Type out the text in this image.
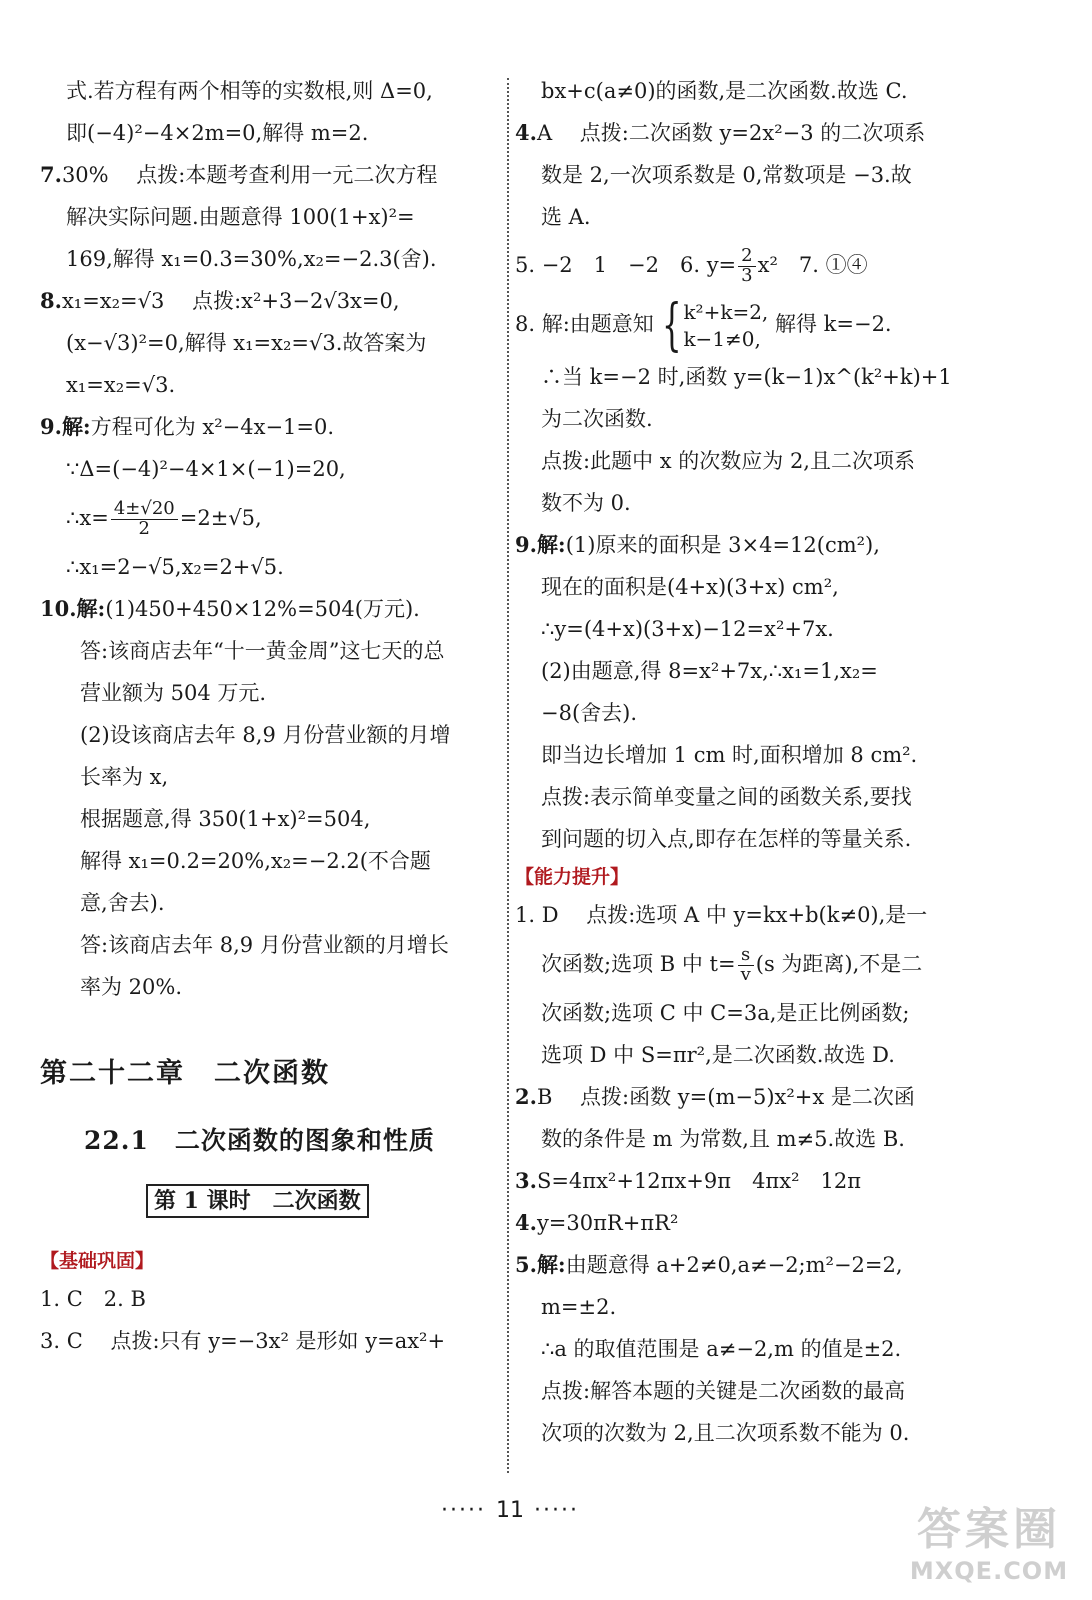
式.若方程有两个相等的实数根,则 Δ=0,
即(−4)²−4×2m=0,解得 m=2.
7.30%　 点拨:本题考查利用一元二次方程
解决实际问题.由题意得 100(1+x)²=
169,解得 x₁=0.3=30%,x₂=−2.3(舍).
8.x₁=x₂=√3　 点拨:x²+3−2√3x=0,
(x−√3)²=0,解得 x₁=x₂=√3.故答案为
x₁=x₂=√3.
9.解:方程可化为 x²−4x−1=0.
∵Δ=(−4)²−4×1×(−1)=20,
∴x= $\frac{4\pm√20}{2} =2\pm√5$,
∴x₁=2−√5,x₂=2+√5.
10.解:(1)450+450×12%=504(万元).
答:该商店去年“十一黄金周”这七天的总
营业额为 504 万元.
(2)设该商店去年 8,9 月份营业额的月增
长率为 x,
根据题意,得 350(1+x)²=504,
解得 x₁=0.2=20%,x₂=−2.2(不合题
意,舍去).
答:该商店去年 8,9 月份营业额的月增长
率为 20%.
第二十二章　二次函数
22.1　二次函数的图象和性质
第 1 课时　二次函数
【基础巩固】
1. C　2. B
3. C　 点拨:只有 y=−3x² 是形如 y=ax²+
bx+c(a≠0)的函数,是二次函数.故选 C.
4.A　 点拨:二次函数 y=2x²−3 的二次项系
数是 2,一次项系数是 0,常数项是 −3.故
选 A.
5. −2　1　−2　6. $y= \frac{2}{3} x^2$　7. ①④
8. 解:由题意知 { k²+k=2,
k−1≠0,
解得 k=−2.
∴当 k=−2 时,函数 y=(k−1)x^(k²+k)+1
为二次函数.
点拨:此题中 x 的次数应为 2,且二次项系
数不为 0.
9.解:(1)原来的面积是 3×4=12(cm²),
现在的面积是(4+x)(3+x) cm²,
∴y=(4+x)(3+x)−12=x²+7x.
(2)由题意,得 8=x²+7x,∴x₁=1,x₂=
−8(舍去).
即当边长增加 1 cm 时,面积增加 8 cm².
点拨:表示简单变量之间的函数关系,要找
到问题的切入点,即存在怎样的等量关系.
【能力提升】
1. D　 点拨:选项 A 中 y=kx+b(k≠0),是一
次函数;选项 B 中 $t= \frac{s}{v} (s$ 为距离),不是二
次函数;选项 C 中 C=3a,是正比例函数;
选项 D 中 S=πr²,是二次函数.故选 D.
2.B　 点拨:函数 y=(m−5)x²+x 是二次函
数的条件是 m 为常数,且 m≠5.故选 B.
3.S=4πx²+12πx+9π　4πx²　12π
4.y=30πR+πR²
5.解:由题意得 a+2≠0,a≠−2;m²−2=2,
m=±2.
∴a 的取值范围是 a≠−2,m 的值是±2.
点拨:解答本题的关键是二次函数的最高
次项的次数为 2,且二次项系数不能为 0.
····· 11 ·····	答案圈
MXQE.COM
